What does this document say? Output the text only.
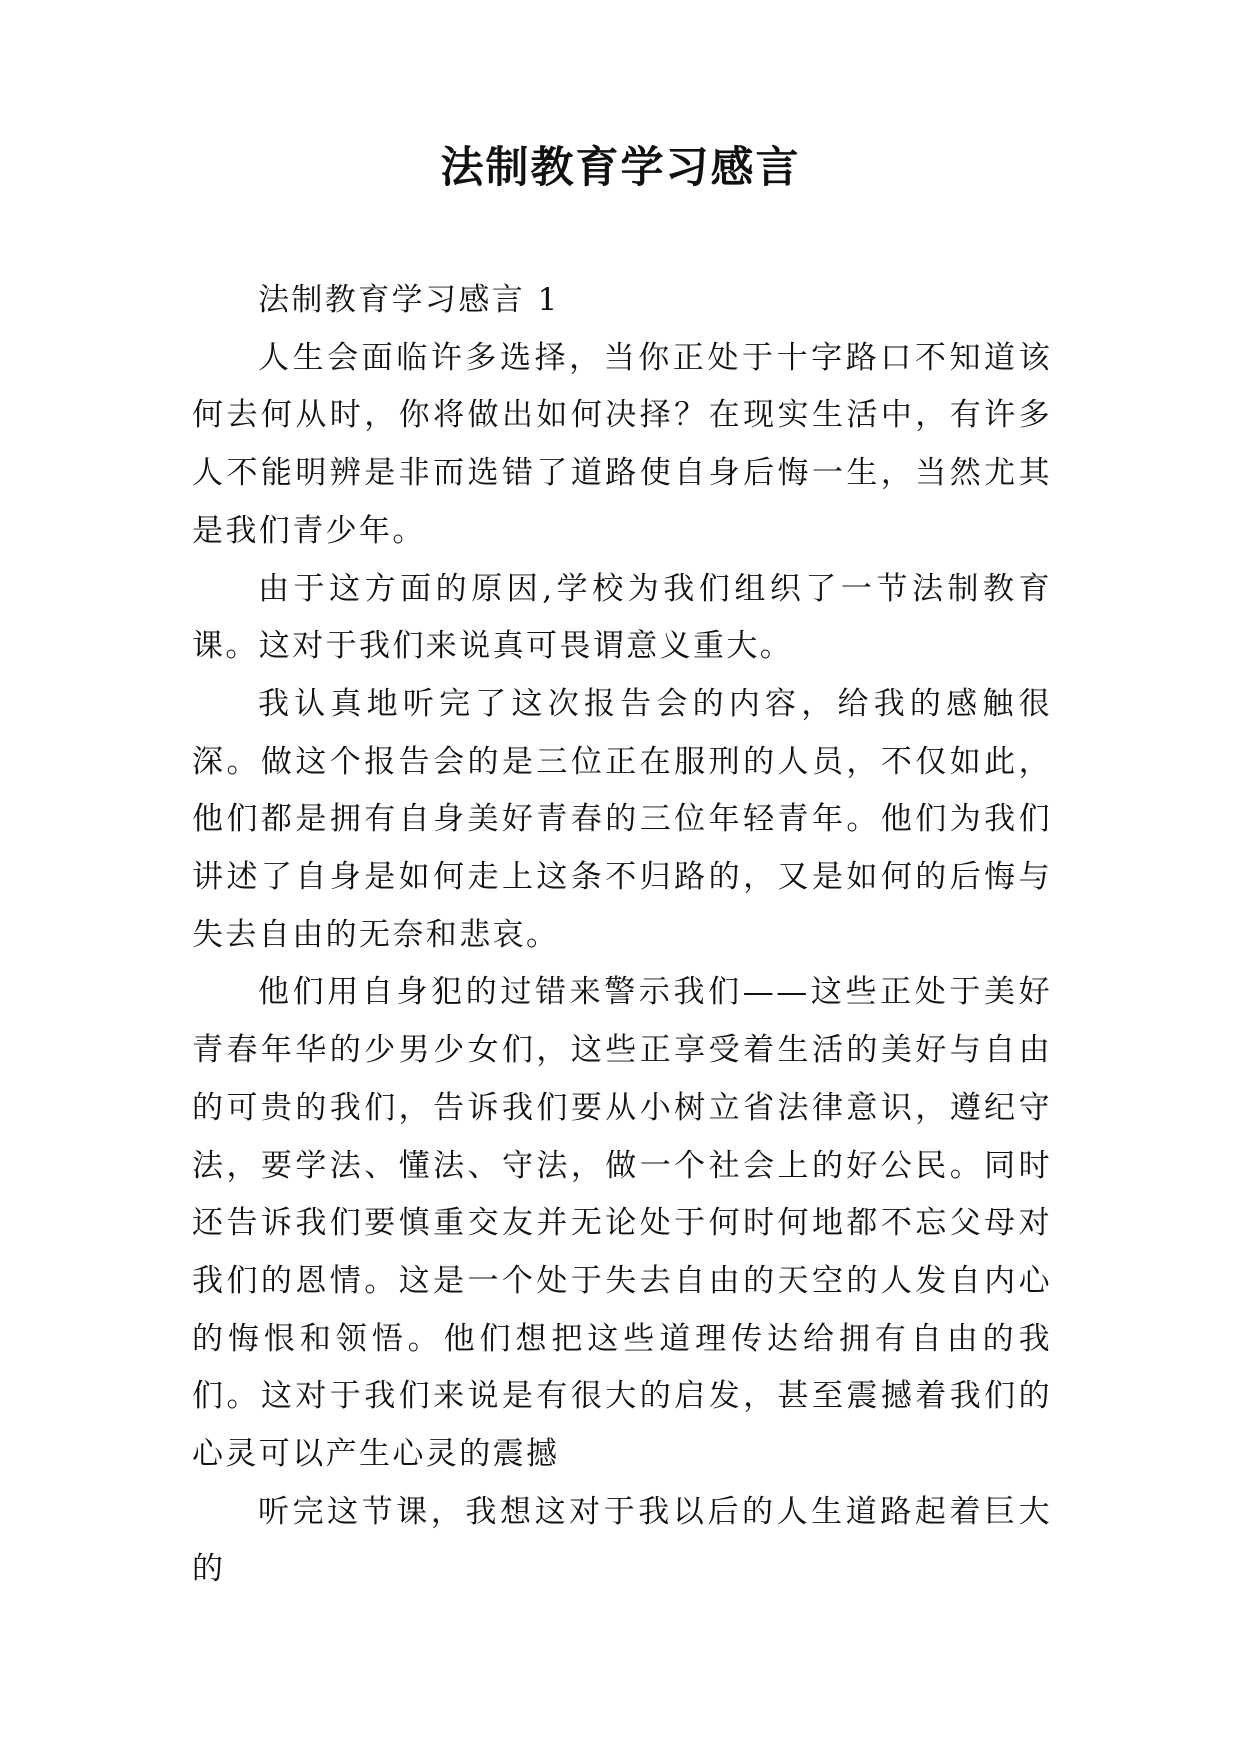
法制教育学习感言

法制教育学习感言 1

人生会面临许多选择，当你正处于十字路口不知道该何去何从时，你将做出如何决择？在现实生活中，有许多人不能明辨是非而选错了道路使自身后悔一生，当然尤其是我们青少年。

由于这方面的原因,学校为我们组织了一节法制教育课。这对于我们来说真可畏谓意义重大。

我认真地听完了这次报告会的内容，给我的感触很深。做这个报告会的是三位正在服刑的人员，不仅如此，他们都是拥有自身美好青春的三位年轻青年。他们为我们讲述了自身是如何走上这条不归路的，又是如何的后悔与失去自由的无奈和悲哀。

他们用自身犯的过错来警示我们——这些正处于美好青春年华的少男少女们，这些正享受着生活的美好与自由的可贵的我们，告诉我们要从小树立省法律意识，遵纪守法，要学法、懂法、守法，做一个社会上的好公民。同时还告诉我们要慎重交友并无论处于何时何地都不忘父母对我们的恩情。这是一个处于失去自由的天空的人发自内心的悔恨和领悟。他们想把这些道理传达给拥有自由的我们。这对于我们来说是有很大的启发，甚至震撼着我们的心灵可以产生心灵的震撼

听完这节课，我想这对于我以后的人生道路起着巨大的
